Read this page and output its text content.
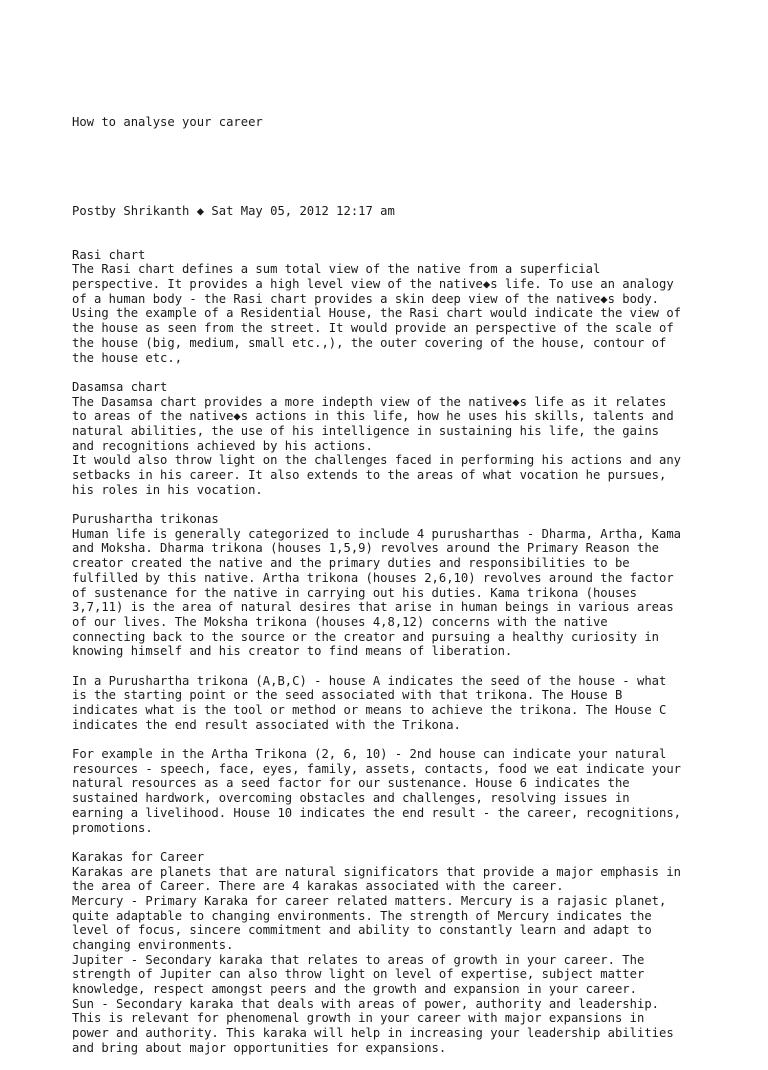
How to analyse your career

Postby Shrikanth ◆ Sat May 05, 2012 12:17 am

Rasi chart
The Rasi chart defines a sum total view of the native from a superficial
perspective. It provides a high level view of the native◆s life. To use an analogy
of a human body - the Rasi chart provides a skin deep view of the native◆s body.
Using the example of a Residential House, the Rasi chart would indicate the view of
the house as seen from the street. It would provide an perspective of the scale of
the house (big, medium, small etc.,), the outer covering of the house, contour of
the house etc.,
Dasamsa chart
The Dasamsa chart provides a more indepth view of the native◆s life as it relates
to areas of the native◆s actions in this life, how he uses his skills, talents and
natural abilities, the use of his intelligence in sustaining his life, the gains
and recognitions achieved by his actions.
It would also throw light on the challenges faced in performing his actions and any
setbacks in his career. It also extends to the areas of what vocation he pursues,
his roles in his vocation.
Purushartha trikonas
Human life is generally categorized to include 4 purusharthas - Dharma, Artha, Kama
and Moksha. Dharma trikona (houses 1,5,9) revolves around the Primary Reason the
creator created the native and the primary duties and responsibilities to be
fulfilled by this native. Artha trikona (houses 2,6,10) revolves around the factor
of sustenance for the native in carrying out his duties. Kama trikona (houses
3,7,11) is the area of natural desires that arise in human beings in various areas
of our lives. The Moksha trikona (houses 4,8,12) concerns with the native
connecting back to the source or the creator and pursuing a healthy curiosity in
knowing himself and his creator to find means of liberation.
In a Purushartha trikona (A,B,C) - house A indicates the seed of the house - what
is the starting point or the seed associated with that trikona. The House B
indicates what is the tool or method or means to achieve the trikona. The House C
indicates the end result associated with the Trikona.
For example in the Artha Trikona (2, 6, 10) - 2nd house can indicate your natural
resources - speech, face, eyes, family, assets, contacts, food we eat indicate your
natural resources as a seed factor for our sustenance. House 6 indicates the
sustained hardwork, overcoming obstacles and challenges, resolving issues in
earning a livelihood. House 10 indicates the end result - the career, recognitions,
promotions.
Karakas for Career
Karakas are planets that are natural significators that provide a major emphasis in
the area of Career. There are 4 karakas associated with the career.
Mercury - Primary Karaka for career related matters. Mercury is a rajasic planet,
quite adaptable to changing environments. The strength of Mercury indicates the
level of focus, sincere commitment and ability to constantly learn and adapt to
changing environments.
Jupiter - Secondary karaka that relates to areas of growth in your career. The
strength of Jupiter can also throw light on level of expertise, subject matter
knowledge, respect amongst peers and the growth and expansion in your career.
Sun - Secondary karaka that deals with areas of power, authority and leadership.
This is relevant for phenomenal growth in your career with major expansions in
power and authority. This karaka will help in increasing your leadership abilities
and bring about major opportunities for expansions.
